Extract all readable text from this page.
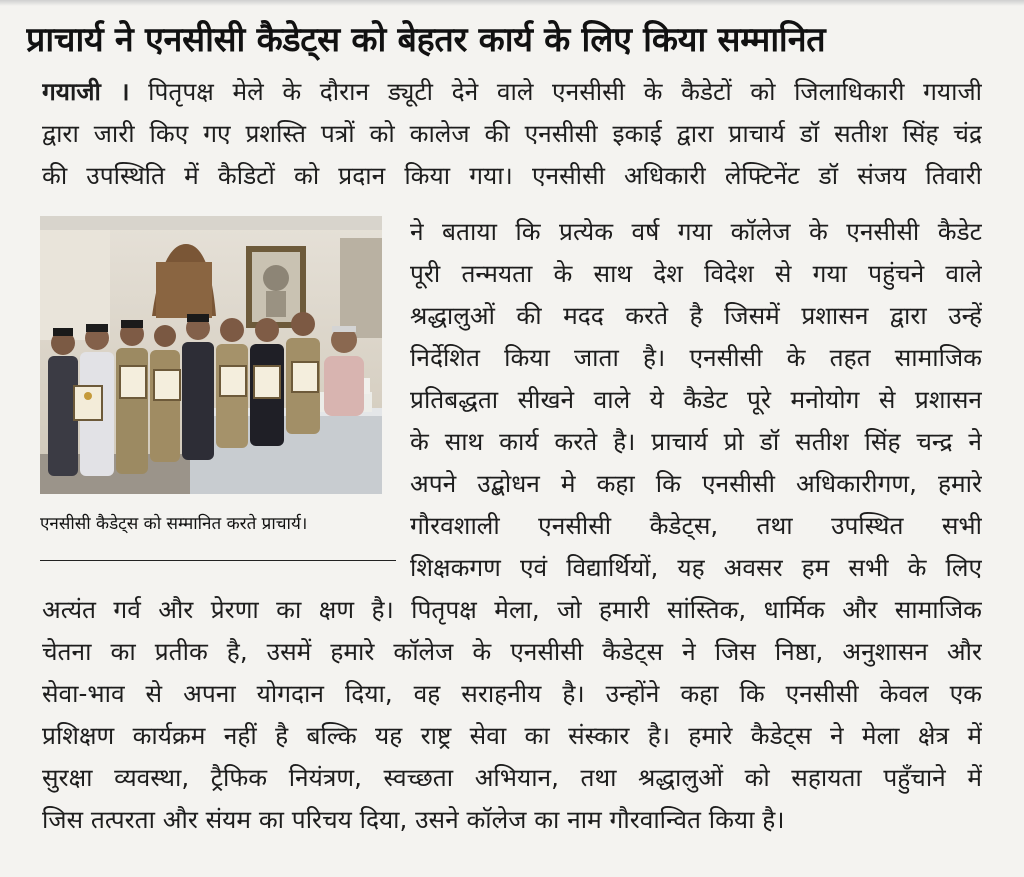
प्राचार्य ने एनसीसी कैडेट्स को बेहतर कार्य के लिए किया सम्मानित
गयाजी । पितृपक्ष मेले के दौरान ड्यूटी देने वाले एनसीसी के कैडेटों को जिलाधिकारी गयाजी
द्वारा जारी किए गए प्रशस्ति पत्रों को कालेज की एनसीसी इकाई द्वारा प्राचार्य डॉ सतीश सिंह चंद्र
की उपस्थिति में कैडिटों को प्रदान किया गया। एनसीसी अधिकारी लेफ्टिनेंट डॉ संजय तिवारी
ने बताया कि प्रत्येक वर्ष गया कॉलेज के एनसीसी कैडेट
पूरी तन्मयता के साथ देश विदेश से गया पहुंचने वाले
श्रद्धालुओं की मदद करते है जिसमें प्रशासन द्वारा उन्हें
निर्देशित किया जाता है। एनसीसी के तहत सामाजिक
प्रतिबद्धता सीखने वाले ये कैडेट पूरे मनोयोग से प्रशासन
के साथ कार्य करते है। प्राचार्य प्रो डॉ सतीश सिंह चन्द्र ने
अपने उद्बोधन मे कहा कि एनसीसी अधिकारीगण, हमारे
गौरवशाली एनसीसी कैडेट्स, तथा उपस्थित सभी
शिक्षकगण एवं विद्यार्थियों, यह अवसर हम सभी के लिए
अत्यंत गर्व और प्रेरणा का क्षण है। पितृपक्ष मेला, जो हमारी सांस्तिक, धार्मिक और सामाजिक
चेतना का प्रतीक है, उसमें हमारे कॉलेज के एनसीसी कैडेट्स ने जिस निष्ठा, अनुशासन और
सेवा-भाव से अपना योगदान दिया, वह सराहनीय है। उन्होंने कहा कि एनसीसी केवल एक
प्रशिक्षण कार्यक्रम नहीं है बल्कि यह राष्ट्र सेवा का संस्कार है। हमारे कैडेट्स ने मेला क्षेत्र में
सुरक्षा व्यवस्था, ट्रैफिक नियंत्रण, स्वच्छता अभियान, तथा श्रद्धालुओं को सहायता पहुँचाने में
जिस तत्परता और संयम का परिचय दिया, उसने कॉलेज का नाम गौरवान्वित किया है।
एनसीसी कैडेट्स को सम्मानित करते प्राचार्य।
